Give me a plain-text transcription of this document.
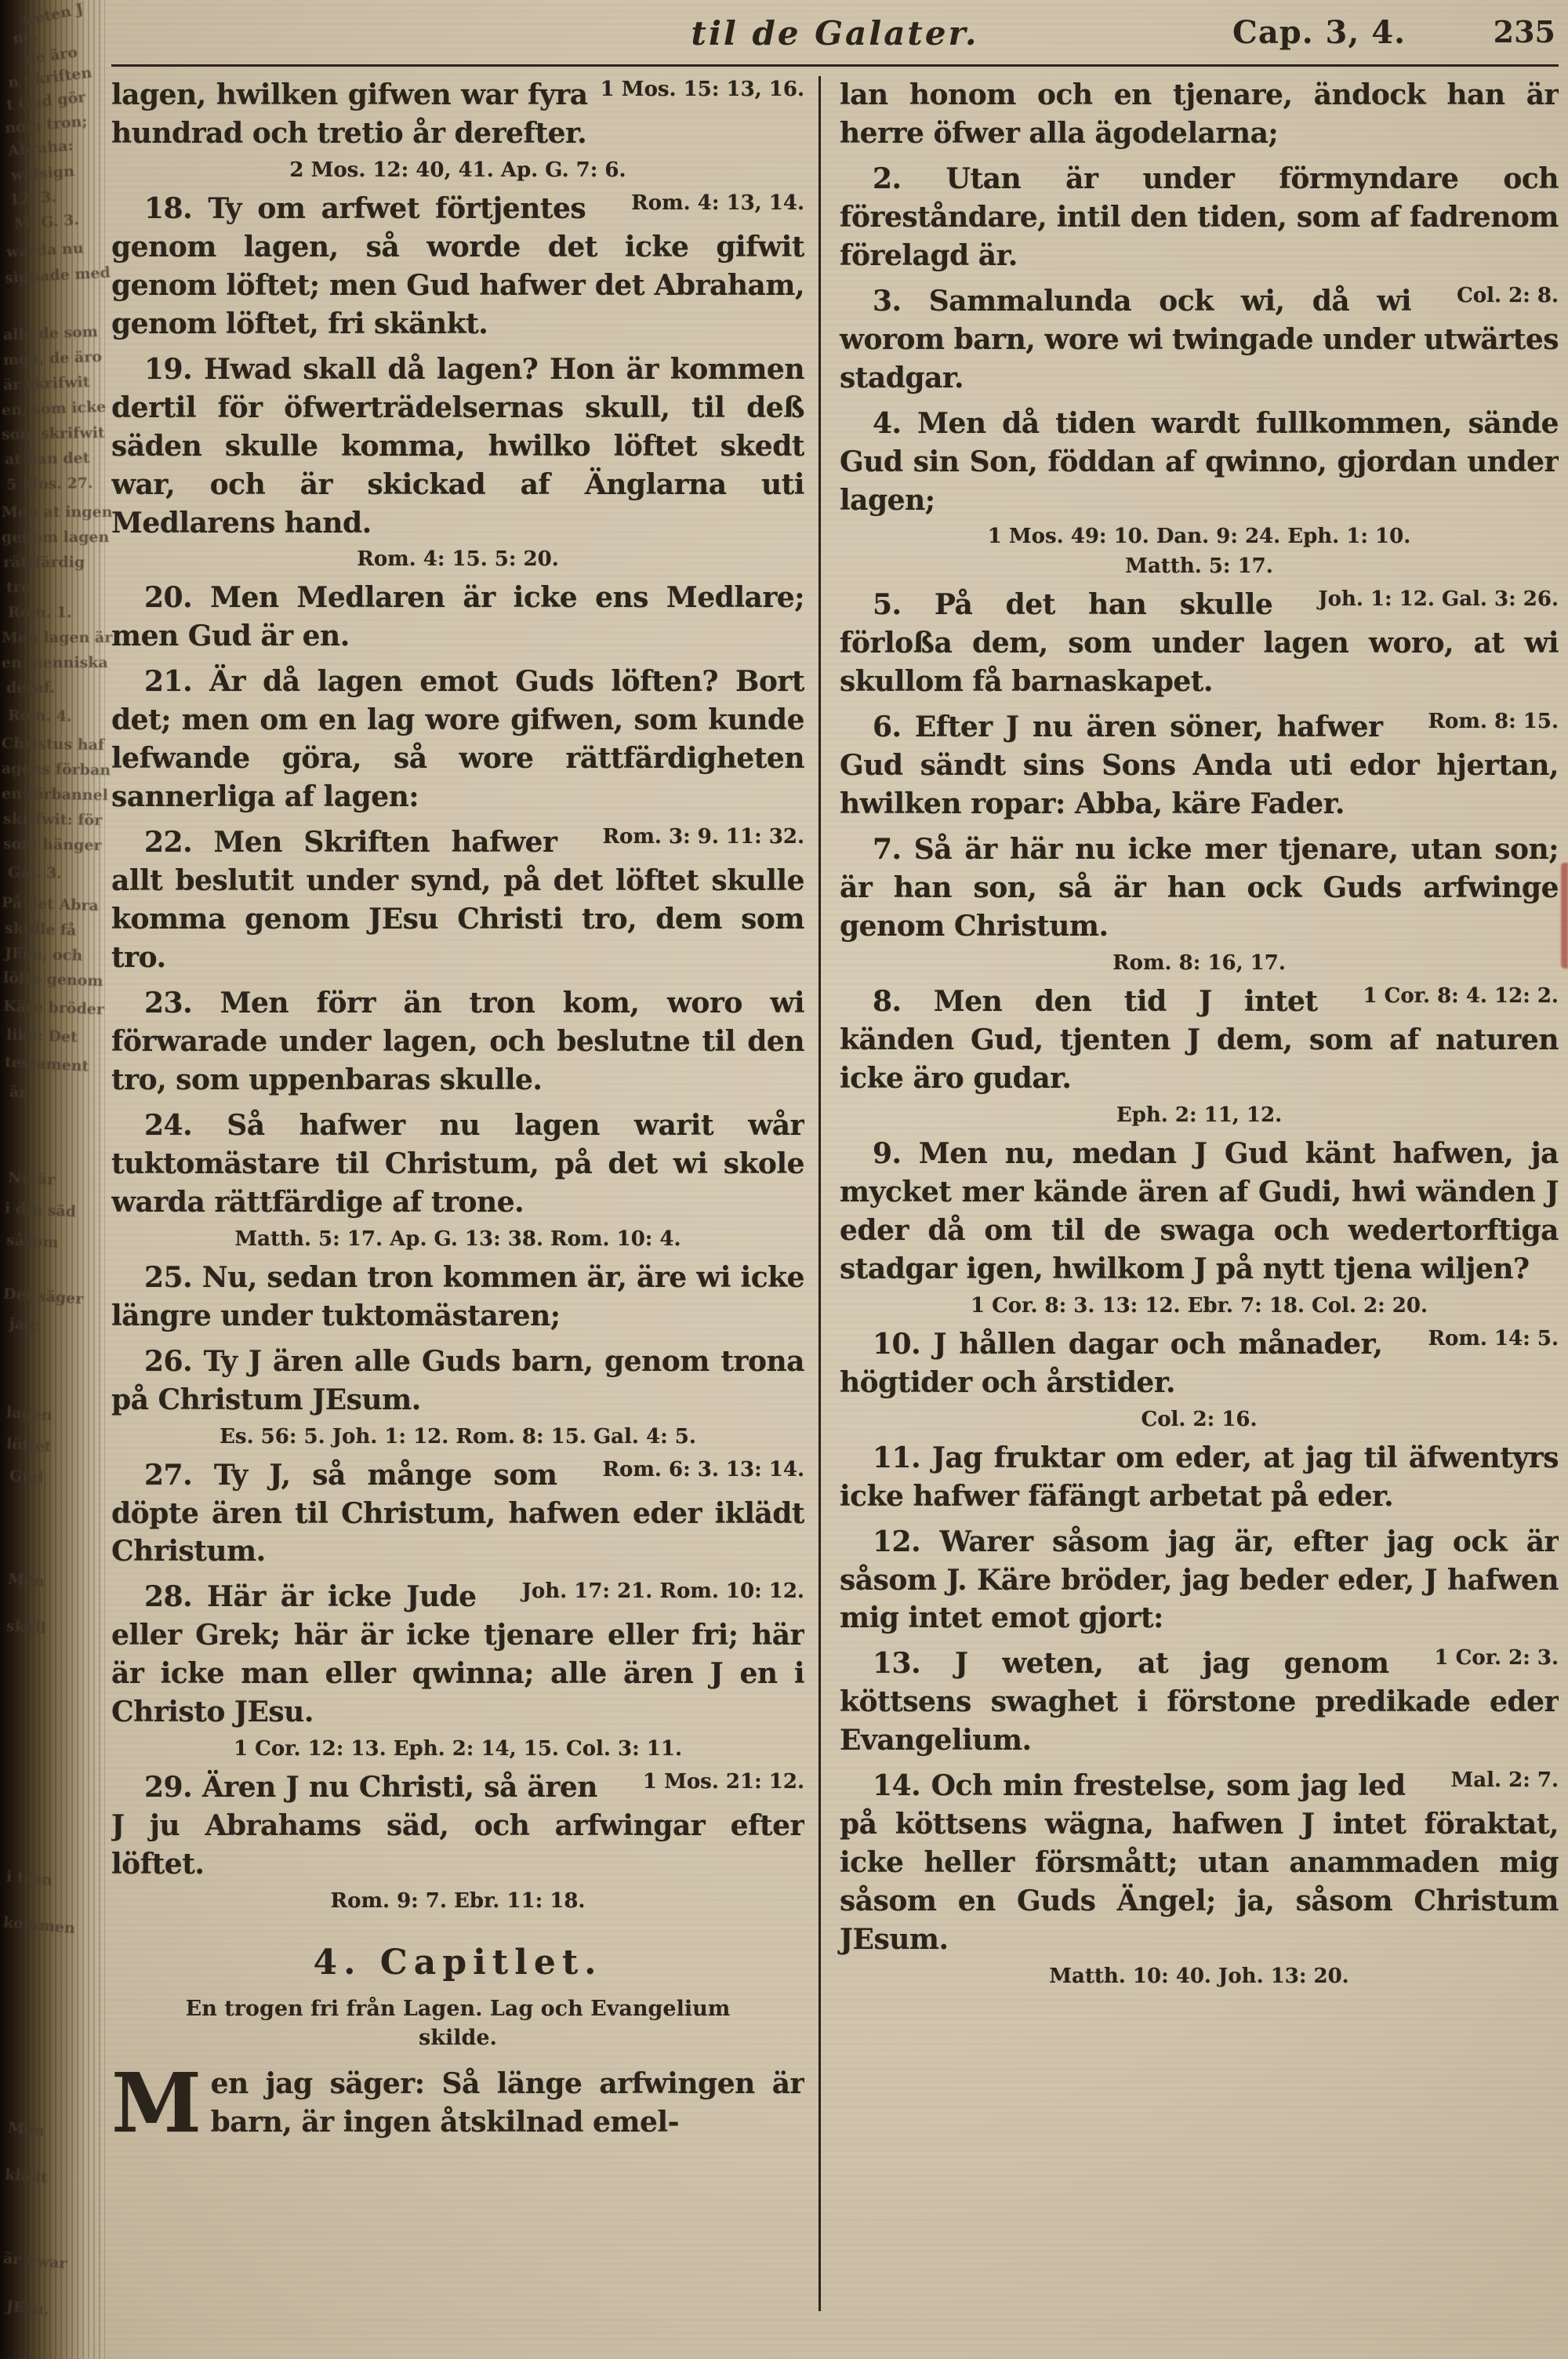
weten J
ne,
de äro
n Skriften
t Gud gör
nom tron;
Abraha:
wälsign
12: 3.
M. G. 3.
warda nu
signade med
alle de som
mgå, de äro
är skrifwit
en, som icke
som skrifwit
at han det
5 Mos. 27.
Men at ingen
genom lagen
rättfärdig
tro.
Rom. 1.
Men lagen är
en menniska
deraf.
Rom. 4.
Christus haf
agens förban
en förbannel
skrifwit: för
som hänger
Gal. 3.
På det Abra
skulle få
JEsu, och
löfte genom
Käre bröder
lika: Det
testament
är:
Nu är
i din säd
såsom
Det säger
jag:
lagen
löftet
Gud
Men
skall
i tron
kommen
Men
klädt
är hwar
JEsu.
til de Galater.	Cap. 3, 4.	235

1 Mos. 15: 13, 16.
lagen, hwilken gifwen war fyra hundrad och tretio år derefter.

2 Mos. 12: 40, 41. Ap. G. 7: 6.

Rom. 4: 13, 14.
18. Ty om arfwet förtjentes genom lagen, så worde det icke gifwit genom löftet; men Gud hafwer det Abraham, genom löftet, fri skänkt.

19. Hwad skall då lagen? Hon är kommen dertil för öfwerträdelsernas skull, til deß säden skulle komma, hwilko löftet skedt war, och är skickad af Änglarna uti Medlarens hand.

Rom. 4: 15. 5: 20.

20. Men Medlaren är icke ens Medlare; men Gud är en.

21. Är då lagen emot Guds löften? Bort det; men om en lag wore gifwen, som kunde lefwande göra, så wore rättfärdigheten sannerliga af lagen:

Rom. 3: 9. 11: 32.
22. Men Skriften hafwer allt beslutit under synd, på det löftet skulle komma genom JEsu Christi tro, dem som tro.

23. Men förr än tron kom, woro wi förwarade under lagen, och beslutne til den tro, som uppenbaras skulle.

24. Så hafwer nu lagen warit wår tuktomästare til Christum, på det wi skole warda rättfärdige af trone.

Matth. 5: 17. Ap. G. 13: 38. Rom. 10: 4.

25. Nu, sedan tron kommen är, äre wi icke längre under tuktomästaren;

26. Ty J ären alle Guds barn, genom trona på Christum JEsum.

Es. 56: 5. Joh. 1: 12. Rom. 8: 15. Gal. 4: 5.

Rom. 6: 3. 13: 14.
27. Ty J, så månge som döpte ären til Christum, hafwen eder iklädt Christum.

Joh. 17: 21. Rom. 10: 12.
28. Här är icke Jude eller Grek; här är icke tjenare eller fri; här är icke man eller qwinna; alle ären J en i Christo JEsu.

1 Cor. 12: 13. Eph. 2: 14, 15. Col. 3: 11.

1 Mos. 21: 12.
29. Ären J nu Christi, så ären J ju Abrahams säd, och arfwingar efter löftet.

Rom. 9: 7. Ebr. 11: 18.
4. Capitlet.
En trogen fri från Lagen. Lag och Evangelium skilde.

Men jag säger: Så länge arfwingen är barn, är ingen åtskilnad emel-

lan honom och en tjenare, ändock han är herre öfwer alla ägodelarna;

2. Utan är under förmyndare och föreståndare, intil den tiden, som af fadrenom förelagd är.

Col. 2: 8.
3. Sammalunda ock wi, då wi worom barn, wore wi twingade under utwärtes stadgar.

4. Men då tiden wardt fullkommen, sände Gud sin Son, föddan af qwinno, gjordan under lagen;

1 Mos. 49: 10. Dan. 9: 24. Eph. 1: 10.
Matth. 5: 17.

Joh. 1: 12. Gal. 3: 26.
5. På det han skulle förloßa dem, som under lagen woro, at wi skullom få barnaskapet.

Rom. 8: 15.
6. Efter J nu ären söner, hafwer Gud sändt sins Sons Anda uti edor hjertan, hwilken ropar: Abba, käre Fader.

7. Så är här nu icke mer tjenare, utan son; är han son, så är han ock Guds arfwinge genom Christum.

Rom. 8: 16, 17.

1 Cor. 8: 4. 12: 2.
8. Men den tid J intet känden Gud, tjenten J dem, som af naturen icke äro gudar.

Eph. 2: 11, 12.

9. Men nu, medan J Gud känt hafwen, ja mycket mer kände ären af Gudi, hwi wänden J eder då om til de swaga och wedertorftiga stadgar igen, hwilkom J på nytt tjena wiljen?

1 Cor. 8: 3. 13: 12. Ebr. 7: 18. Col. 2: 20.

Rom. 14: 5.
10. J hållen dagar och månader, högtider och årstider.

Col. 2: 16.

11. Jag fruktar om eder, at jag til äfwentyrs icke hafwer fäfängt arbetat på eder.

12. Warer såsom jag är, efter jag ock är såsom J. Käre bröder, jag beder eder, J hafwen mig intet emot gjort:

1 Cor. 2: 3.
13. J weten, at jag genom köttsens swaghet i förstone predikade eder Evangelium.

Mal. 2: 7.
14. Och min frestelse, som jag led på köttsens wägna, hafwen J intet föraktat, icke heller försmått; utan anammaden mig såsom en Guds Ängel; ja, såsom Christum JEsum.

Matth. 10: 40. Joh. 13: 20.
